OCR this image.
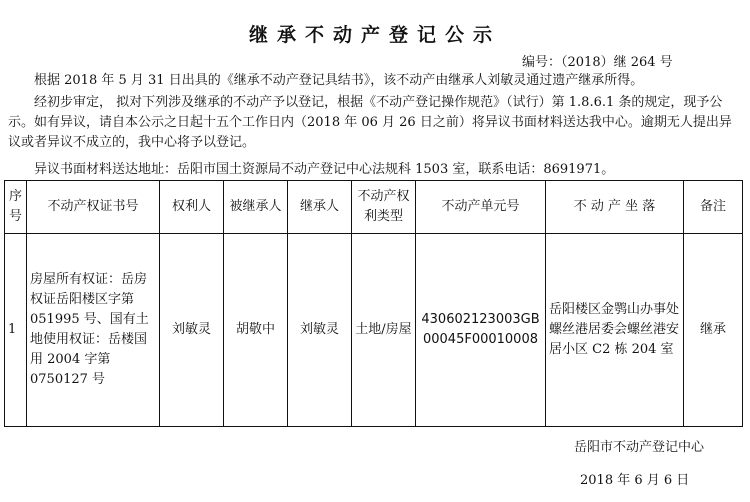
继承不动产登记公示
编号：（2018）继 264 号
根据 2018 年 5 月 31 日出具的《继承不动产登记具结书》，该不动产由继承人刘敏灵通过遗产继承所得。
经初步审定， 拟对下列涉及继承的不动产予以登记，根据《不动产登记操作规范》（试行）第 1.8.6.1 条的规定，现予公示。如有异议，请自本公示之日起十五个工作日内（2018 年 06 月 26 日之前）将异议书面材料送达我中心。逾期无人提出异议或者异议不成立的，我中心将予以登记。
异议书面材料送达地址：岳阳市国土资源局不动产登记中心法规科 1503 室，联系电话：8691971。
序号	不动产权证书号	权利人	被继承人	继承人	不动产权利类型	不动产单元号	不 动 产 坐 落	备注
1	房屋所有权证：岳房权证岳阳楼区字第 051995 号、国有土地使用权证：岳楼国用 2004 字第 0750127 号	刘敏灵	胡敬中	刘敏灵	土地/房屋	430602123003GB00045F00010008	岳阳楼区金鹗山办事处螺丝港居委会螺丝港安居小区 C2 栋 204 室	继承
岳阳市不动产登记中心
2018 年 6 月 6 日
